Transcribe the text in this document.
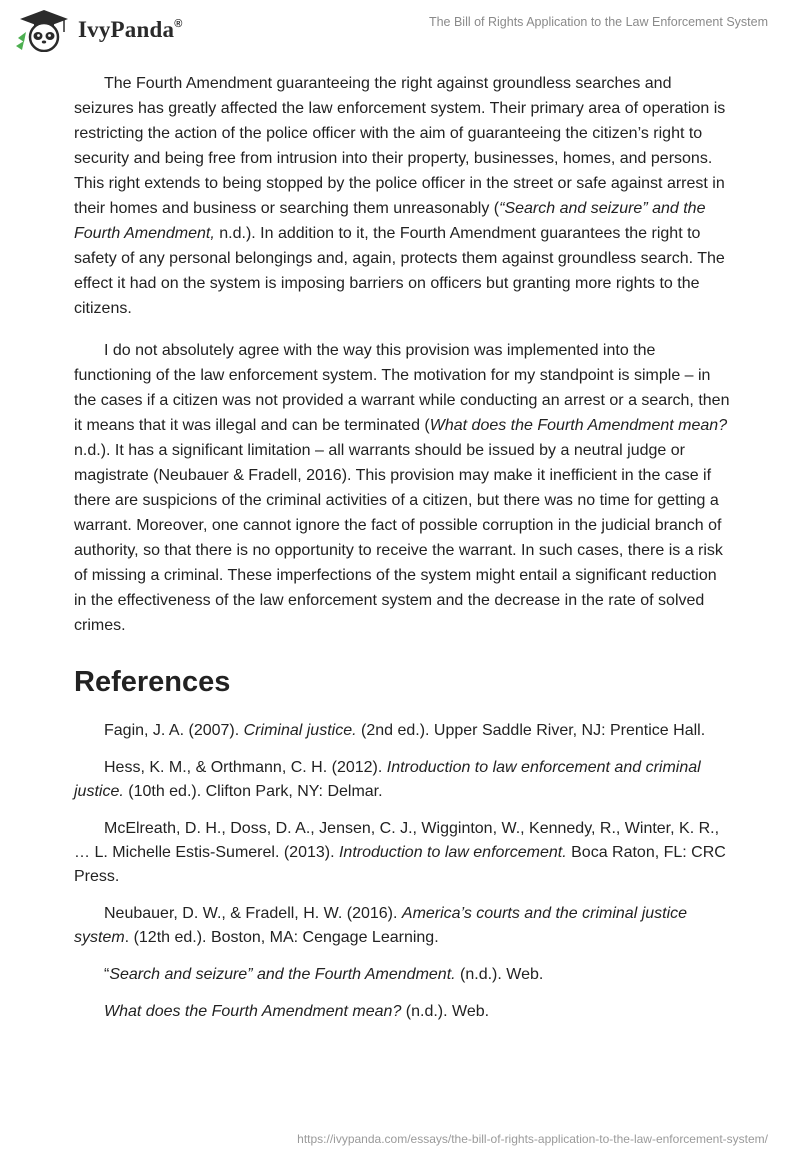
IvyPanda®	The Bill of Rights Application to the Law Enforcement System

The Fourth Amendment guaranteeing the right against groundless searches and seizures has greatly affected the law enforcement system. Their primary area of operation is restricting the action of the police officer with the aim of guaranteeing the citizen’s right to security and being free from intrusion into their property, businesses, homes, and persons. This right extends to being stopped by the police officer in the street or safe against arrest in their homes and business or searching them unreasonably (“Search and seizure” and the Fourth Amendment, n.d.). In addition to it, the Fourth Amendment guarantees the right to safety of any personal belongings and, again, protects them against groundless search. The effect it had on the system is imposing barriers on officers but granting more rights to the citizens.

I do not absolutely agree with the way this provision was implemented into the functioning of the law enforcement system. The motivation for my standpoint is simple – in the cases if a citizen was not provided a warrant while conducting an arrest or a search, then it means that it was illegal and can be terminated (What does the Fourth Amendment mean? n.d.). It has a significant limitation – all warrants should be issued by a neutral judge or magistrate (Neubauer & Fradell, 2016). This provision may make it inefficient in the case if there are suspicions of the criminal activities of a citizen, but there was no time for getting a warrant. Moreover, one cannot ignore the fact of possible corruption in the judicial branch of authority, so that there is no opportunity to receive the warrant. In such cases, there is a risk of missing a criminal. These imperfections of the system might entail a significant reduction in the effectiveness of the law enforcement system and the decrease in the rate of solved crimes.

References

Fagin, J. A. (2007). Criminal justice. (2nd ed.). Upper Saddle River, NJ: Prentice Hall.

Hess, K. M., & Orthmann, C. H. (2012). Introduction to law enforcement and criminal justice. (10th ed.). Clifton Park, NY: Delmar.

McElreath, D. H., Doss, D. A., Jensen, C. J., Wigginton, W., Kennedy, R., Winter, K. R., … L. Michelle Estis-Sumerel. (2013). Introduction to law enforcement. Boca Raton, FL: CRC Press.

Neubauer, D. W., & Fradell, H. W. (2016). America’s courts and the criminal justice system. (12th ed.). Boston, MA: Cengage Learning.

“Search and seizure” and the Fourth Amendment. (n.d.). Web.

What does the Fourth Amendment mean? (n.d.). Web.

https://ivypanda.com/essays/the-bill-of-rights-application-to-the-law-enforcement-system/
